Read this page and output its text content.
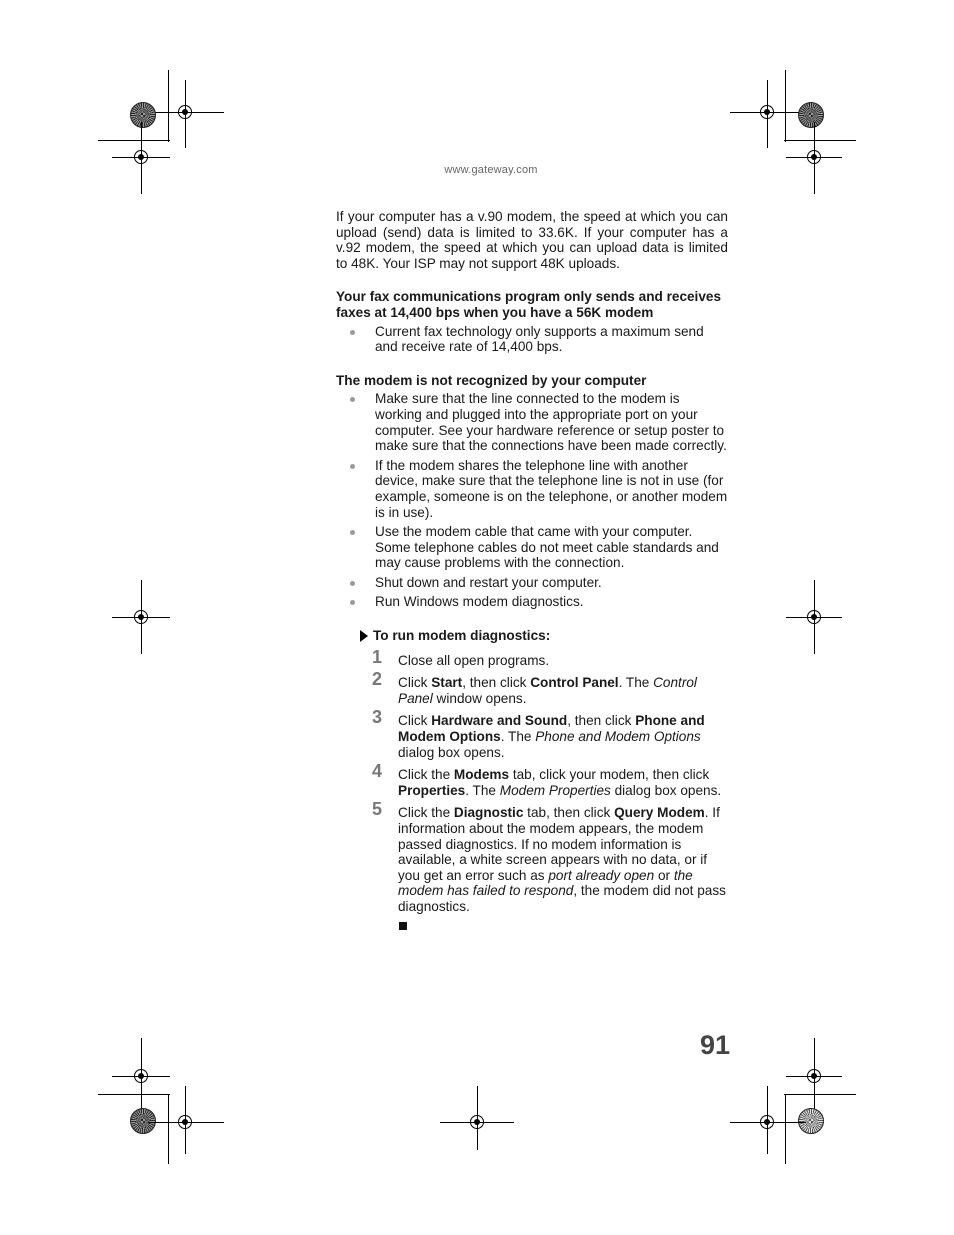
www.gateway.com

If your computer has a v.90 modem, the speed at which you can upload (send) data is limited to 33.6K. If your computer has a v.92 modem, the speed at which you can upload data is limited to 48K. Your ISP may not support 48K uploads.

Your fax communications program only sends and receives faxes at 14,400 bps when you have a 56K modem
Current fax technology only supports a maximum send and receive rate of 14,400 bps.
The modem is not recognized by your computer
Make sure that the line connected to the modem is working and plugged into the appropriate port on your computer. See your hardware reference or setup poster to make sure that the connections have been made correctly.
If the modem shares the telephone line with another device, make sure that the telephone line is not in use (for example, someone is on the telephone, or another modem is in use).
Use the modem cable that came with your computer. Some telephone cables do not meet cable standards and may cause problems with the connection.
Shut down and restart your computer.
Run Windows modem diagnostics.
To run modem diagnostics:
1 Close all open programs.
2 Click Start, then click Control Panel. The Control Panel window opens.
3 Click Hardware and Sound, then click Phone and Modem Options. The Phone and Modem Options dialog box opens.
4 Click the Modems tab, click your modem, then click Properties. The Modem Properties dialog box opens.
5 Click the Diagnostic tab, then click Query Modem. If information about the modem appears, the modem passed diagnostics. If no modem information is available, a white screen appears with no data, or if you get an error such as port already open or the modem has failed to respond, the modem did not pass diagnostics.
91
